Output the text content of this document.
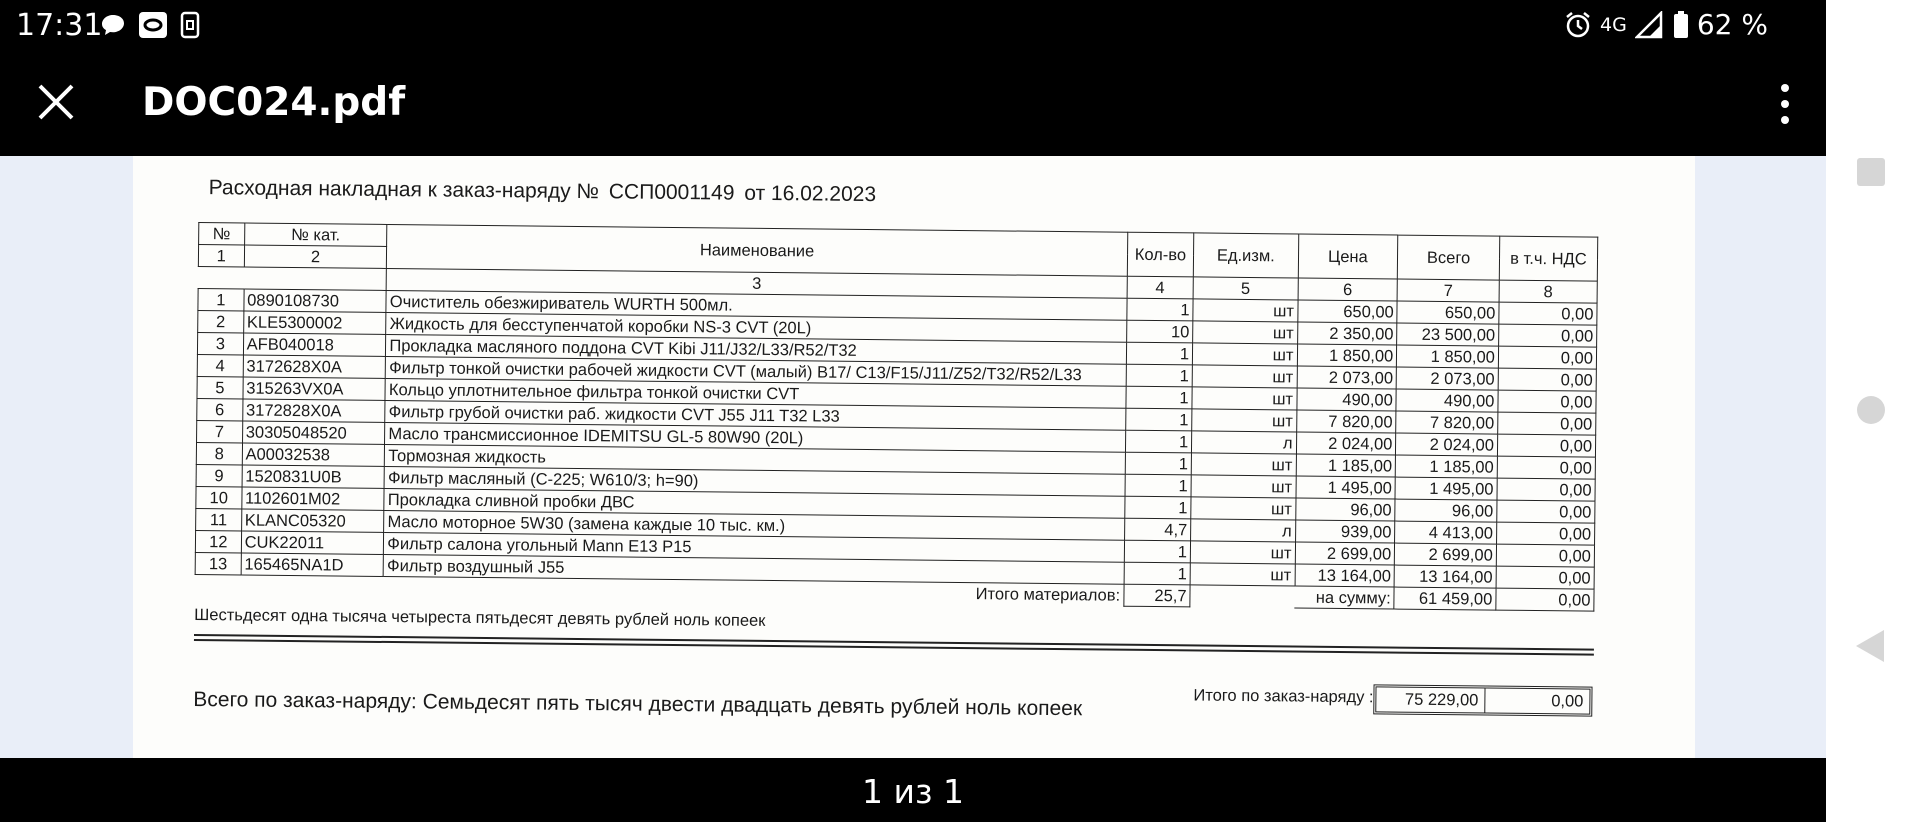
17:31	4G	62 %
DOC024.pdf
Расходная накладная к заказ-наряду № ССП0001149 от 16.02.2023
№	№ кат.	Наименование	Кол-во	Ед.изм.	Цена	Всего	в т.ч. НДС
1	2						
		3	4	5	6	7	8
1	0890108730	Очиститель обезжириватель WURTH 500мл.	1	шт	650,00	650,00	0,00
2	KLE5300002	Жидкость для бесступенчатой коробки NS-3 CVT (20L)	10	шт	2 350,00	23 500,00	0,00
3	AFB040018	Прокладка масляного поддона CVT Kibi J11/J32/L33/R52/T32	1	шт	1 850,00	1 850,00	0,00
4	3172628X0A	Фильтр тонкой очистки рабочей жидкости CVT (малый) B17/ C13/F15/J11/Z52/T32/R52/L33	1	шт	2 073,00	2 073,00	0,00
5	315263VX0A	Кольцо уплотнительное фильтра тонкой очистки CVT	1	шт	490,00	490,00	0,00
6	3172828X0A	Фильтр грубой очистки раб. жидкости CVT J55 J11 T32 L33	1	шт	7 820,00	7 820,00	0,00
7	30305048520	Масло трансмиссионное IDEMITSU GL-5 80W90 (20L)	1	л	2 024,00	2 024,00	0,00
8	A00032538	Тормозная жидкость	1	шт	1 185,00	1 185,00	0,00
9	1520831U0B	Фильтр масляный (C-225; W610/3; h=90)	1	шт	1 495,00	1 495,00	0,00
10	1102601M02	Прокладка сливной пробки ДВС	1	шт	96,00	96,00	0,00
11	KLANC05320	Масло моторное 5W30 (замена каждые 10 тыс. км.)	4,7	л	939,00	4 413,00	0,00
12	CUK22011	Фильтр салона угольный Mann E13 P15	1	шт	2 699,00	2 699,00	0,00
13	165465NA1D	Фильтр воздушный J55	1	шт	13 164,00	13 164,00	0,00
		Итого материалов:	25,7		на сумму:	61 459,00	0,00
Шестьдесят одна тысяча четыреста пятьдесят девять рублей ноль копеек
Итого по заказ-наряду :	75 229,00	0,00
Всего по заказ-наряду: Семьдесят пять тысяч двести двадцать девять рублей ноль копеек
1 из 1
